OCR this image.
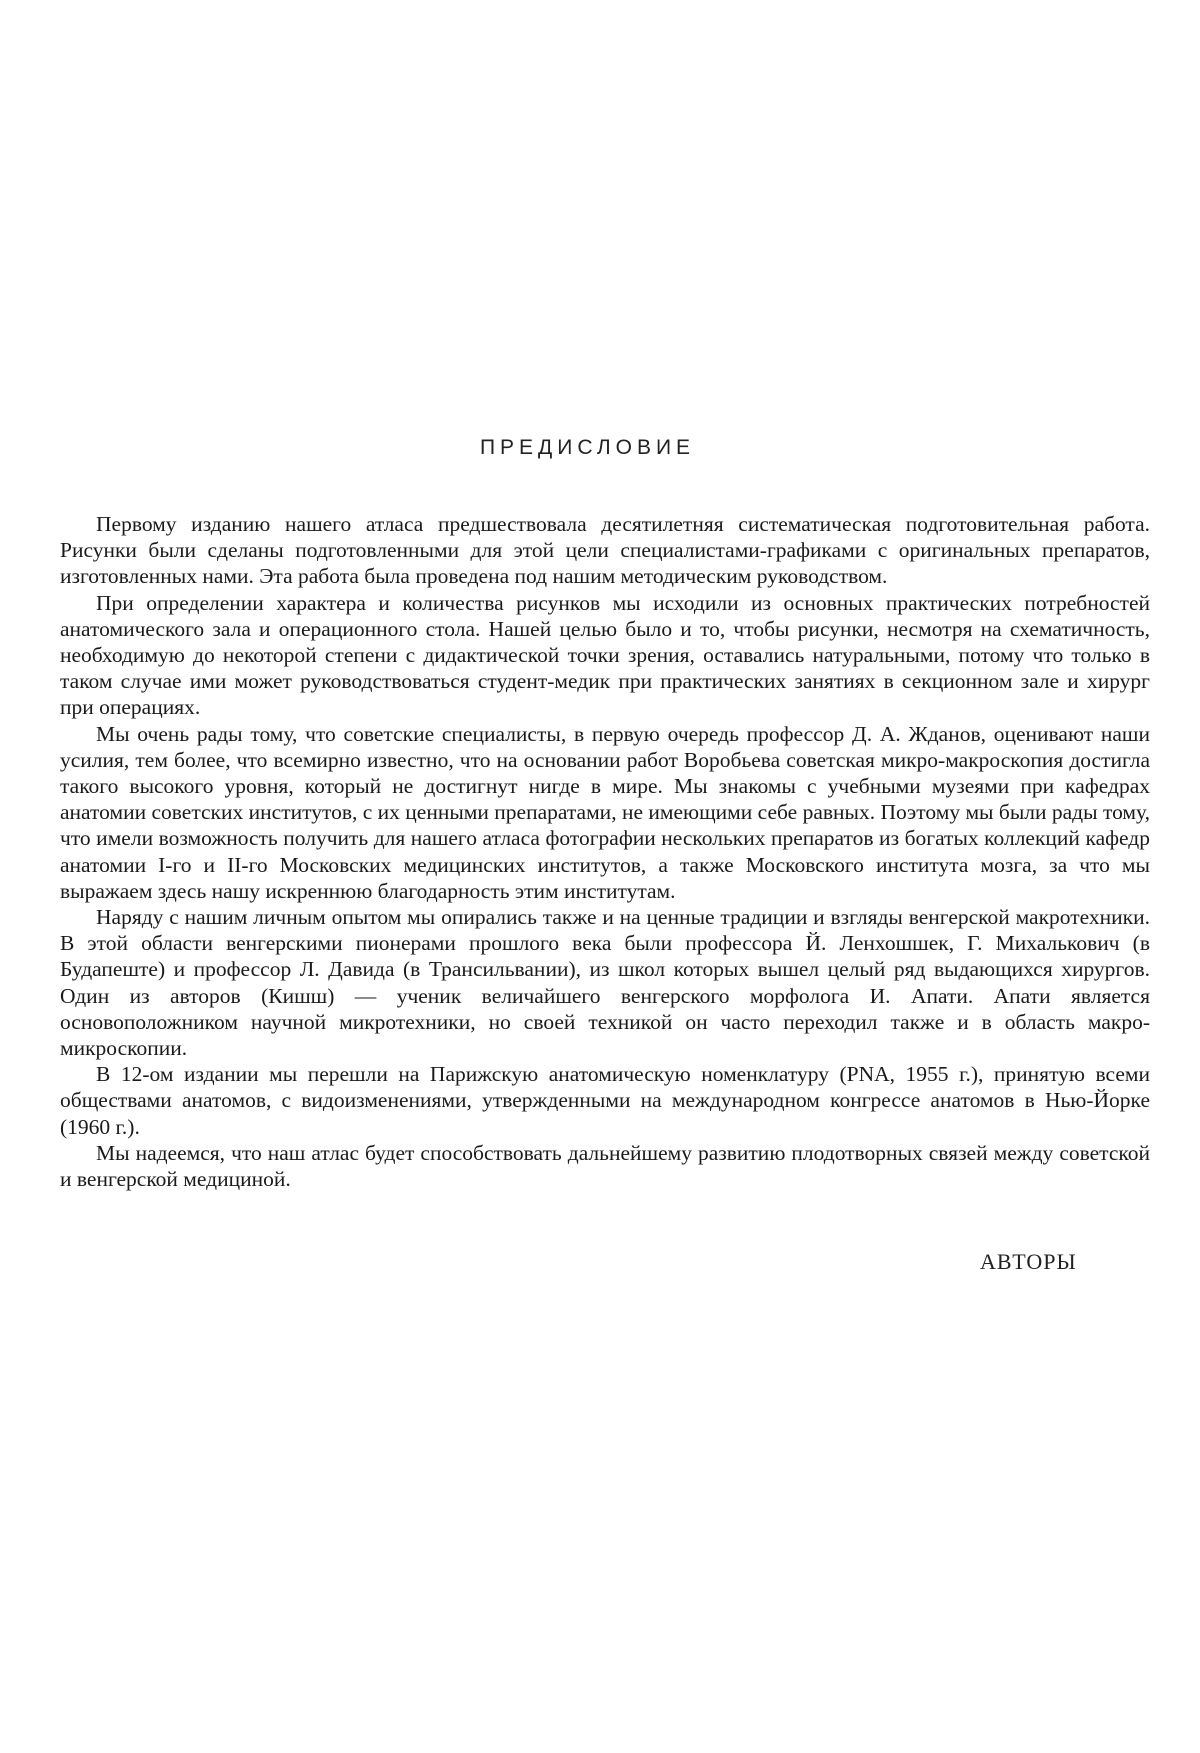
ПРЕДИСЛОВИЕ

Первому изданию нашего атласа предшествовала десятилетняя систематическая подготовительная работа. Рисунки были сделаны подготовленными для этой цели специалистами-графиками с оригинальных препаратов, изготовленных нами. Эта работа была проведена под нашим методическим руководством.

При определении характера и количества рисунков мы исходили из основных практических потребностей анатомического зала и операционного стола. Нашей целью было и то, чтобы рисунки, несмотря на схематичность, необходимую до некоторой степени с дидактической точки зрения, оставались натуральными, потому что только в таком случае ими может руководствоваться студент-медик при практических занятиях в секционном зале и хирург при операциях.

Мы очень рады тому, что советские специалисты, в первую очередь профессор Д. А. Жданов, оценивают наши усилия, тем более, что всемирно известно, что на основании работ Воробьева советская микро-макроскопия достигла такого высокого уровня, который не достигнут нигде в мире. Мы знакомы с учебными музеями при кафедрах анатомии советских институтов, с их ценными препаратами, не имеющими себе равных. Поэтому мы были рады тому, что имели возможность получить для нашего атласа фотографии нескольких препаратов из богатых коллекций кафедр анатомии I-го и II-го Московских медицинских институтов, а также Московского института мозга, за что мы выражаем здесь нашу искреннюю благодарность этим институтам.

Наряду с нашим личным опытом мы опирались также и на ценные традиции и взгляды венгерской макротехники. В этой области венгерскими пионерами прошлого века были профессора Й. Ленхошшек, Г. Михалькович (в Будапеште) и профессор Л. Давида (в Трансильвании), из школ которых вышел целый ряд выдающихся хирургов. Один из авторов (Кишш) — ученик величайшего венгерского морфолога И. Апати. Апати является основоположником научной микротехники, но своей техникой он часто переходил также и в область макро-микроскопии.

В 12-ом издании мы перешли на Парижскую анатомическую номенклатуру (PNA, 1955 г.), принятую всеми обществами анатомов, с видоизменениями, утвержденными на международном конгрессе анатомов в Нью-Йорке (1960 г.).

Мы надеемся, что наш атлас будет способствовать дальнейшему развитию плодотворных связей между советской и венгерской медициной.

АВТОРЫ
